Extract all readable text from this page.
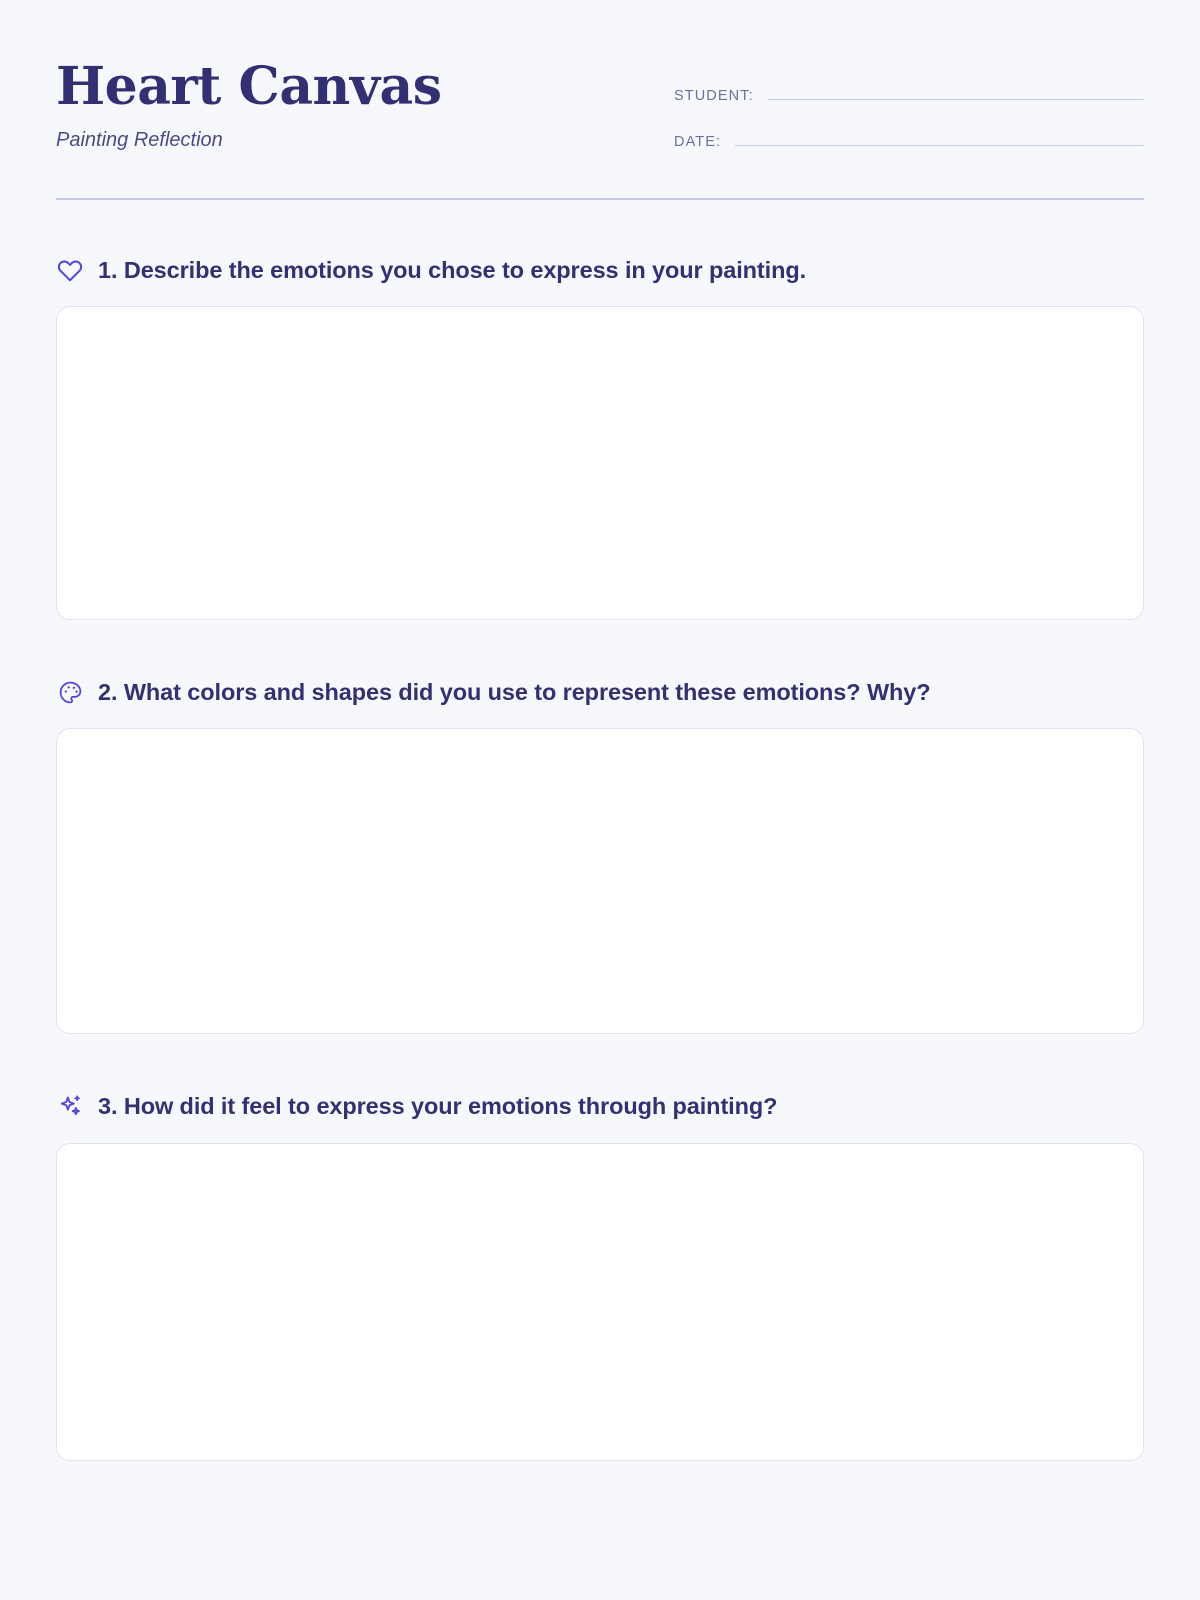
Heart Canvas
Painting Reflection
STUDENT:
DATE:
1. Describe the emotions you chose to express in your painting.
2. What colors and shapes did you use to represent these emotions? Why?
3. How did it feel to express your emotions through painting?
